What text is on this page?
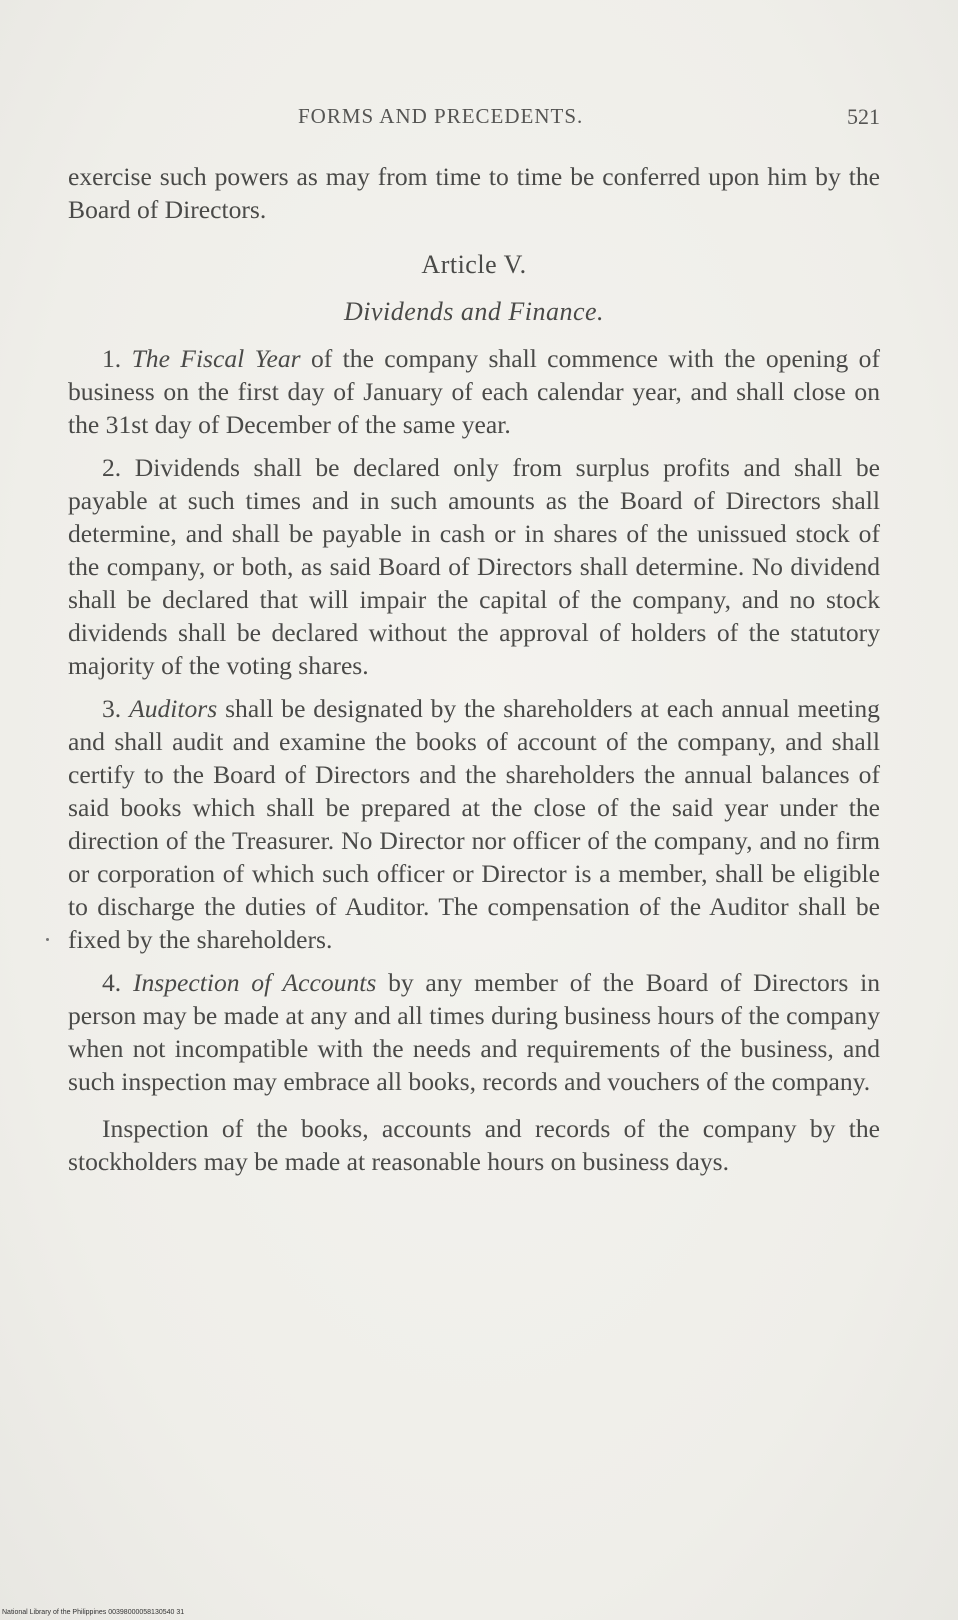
FORMS AND PRECEDENTS.	521

exercise such powers as may from time to time be conferred upon him by the Board of Directors.

Article V.

Dividends and Finance.

1. The Fiscal Year of the company shall commence with the opening of business on the first day of January of each calendar year, and shall close on the 31st day of December of the same year.

2. Dividends shall be declared only from surplus profits and shall be payable at such times and in such amounts as the Board of Directors shall determine, and shall be payable in cash or in shares of the unissued stock of the company, or both, as said Board of Directors shall determine. No dividend shall be declared that will impair the capital of the company, and no stock dividends shall be declared without the approval of holders of the statutory majority of the voting shares.

3. Auditors shall be designated by the shareholders at each annual meeting and shall audit and examine the books of account of the company, and shall certify to the Board of Directors and the shareholders the annual balances of said books which shall be prepared at the close of the said year under the direction of the Treasurer. No Director nor officer of the company, and no firm or corporation of which such officer or Director is a member, shall be eligible to discharge the duties of Auditor. The compensation of the Auditor shall be fixed by the shareholders.

4. Inspection of Accounts by any member of the Board of Directors in person may be made at any and all times during business hours of the company when not incompatible with the needs and requirements of the business, and such inspection may embrace all books, records and vouchers of the company.

Inspection of the books, accounts and records of the company by the stockholders may be made at reasonable hours on business days.

National Library of the Philippines 00398000058130540 31
